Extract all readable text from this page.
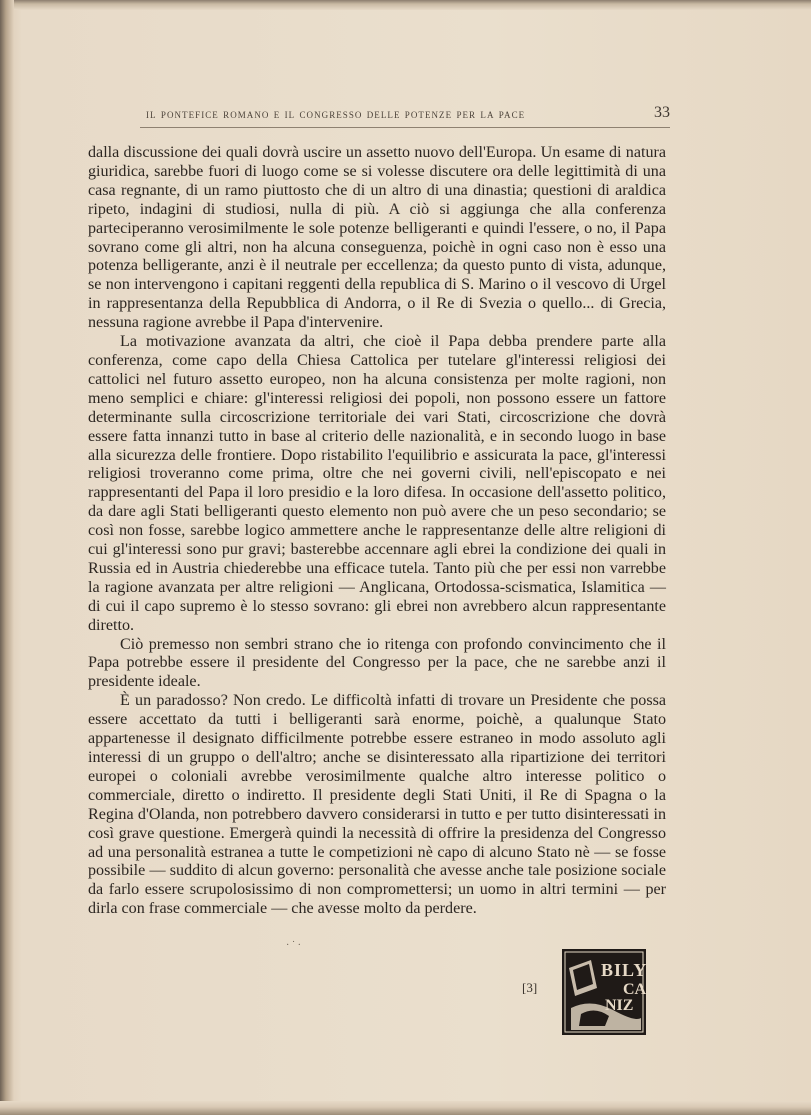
il pontefice romano e il congresso delle potenze per la pace	33

dalla discussione dei quali dovrà uscire un assetto nuovo dell'Europa. Un esame di natura giuridica, sarebbe fuori di luogo come se si volesse discutere ora delle legittimità di una casa regnante, di un ramo piuttosto che di un altro di una dinastia; questioni di araldica ripeto, indagini di studiosi, nulla di più. A ciò si aggiunga che alla conferenza parteciperanno verosimilmente le sole potenze belligeranti e quindi l'essere, o no, il Papa sovrano come gli altri, non ha alcuna conseguenza, poichè in ogni caso non è esso una potenza belligerante, anzi è il neutrale per eccellenza; da questo punto di vista, adunque, se non intervengono i capitani reggenti della republica di S. Marino o il vescovo di Urgel in rappresentanza della Repubblica di Andorra, o il Re di Svezia o quello... di Grecia, nessuna ragione avrebbe il Papa d'intervenire.

La motivazione avanzata da altri, che cioè il Papa debba prendere parte alla conferenza, come capo della Chiesa Cattolica per tutelare gl'interessi religiosi dei cattolici nel futuro assetto europeo, non ha alcuna consistenza per molte ragioni, non meno semplici e chiare: gl'interessi religiosi dei popoli, non possono essere un fattore determinante sulla circoscrizione territoriale dei vari Stati, circoscrizione che dovrà essere fatta innanzi tutto in base al criterio delle nazionalità, e in secondo luogo in base alla sicurezza delle frontiere. Dopo ristabilito l'equilibrio e assicurata la pace, gl'interessi religiosi troveranno come prima, oltre che nei governi civili, nell'episcopato e nei rappresentanti del Papa il loro presidio e la loro difesa. In occasione dell'assetto politico, da dare agli Stati belligeranti questo elemento non può avere che un peso secondario; se così non fosse, sarebbe logico ammettere anche le rappresentanze delle altre religioni di cui gl'interessi sono pur gravi; basterebbe accennare agli ebrei la condizione dei quali in Russia ed in Austria chiederebbe una efficace tutela. Tanto più che per essi non varrebbe la ragione avanzata per altre religioni — Anglicana, Ortodossa-scismatica, Islamitica — di cui il capo supremo è lo stesso sovrano: gli ebrei non avrebbero alcun rappresentante diretto.

Ciò premesso non sembri strano che io ritenga con profondo convincimento che il Papa potrebbe essere il presidente del Congresso per la pace, che ne sarebbe anzi il presidente ideale.

È un paradosso? Non credo. Le difficoltà infatti di trovare un Presidente che possa essere accettato da tutti i belligeranti sarà enorme, poichè, a qualunque Stato appartenesse il designato difficilmente potrebbe essere estraneo in modo assoluto agli interessi di un gruppo o dell'altro; anche se disinteressato alla ripartizione dei territori europei o coloniali avrebbe verosimilmente qualche altro interesse politico o commerciale, diretto o indiretto. Il presidente degli Stati Uniti, il Re di Spagna o la Regina d'Olanda, non potrebbero davvero considerarsi in tutto e per tutto disinteressati in così grave questione. Emergerà quindi la necessità di offrire la presidenza del Congresso ad una personalità estranea a tutte le competizioni nè capo di alcuno Stato nè — se fosse possibile — suddito di alcun governo: personalità che avesse anche tale posizione sociale da farlo essere scrupolosissimo di non compromettersi; un uomo in altri termini — per dirla con frase commerciale — che avesse molto da perdere.

· ˙ ·
[3]
BILY
CA
NIZ
